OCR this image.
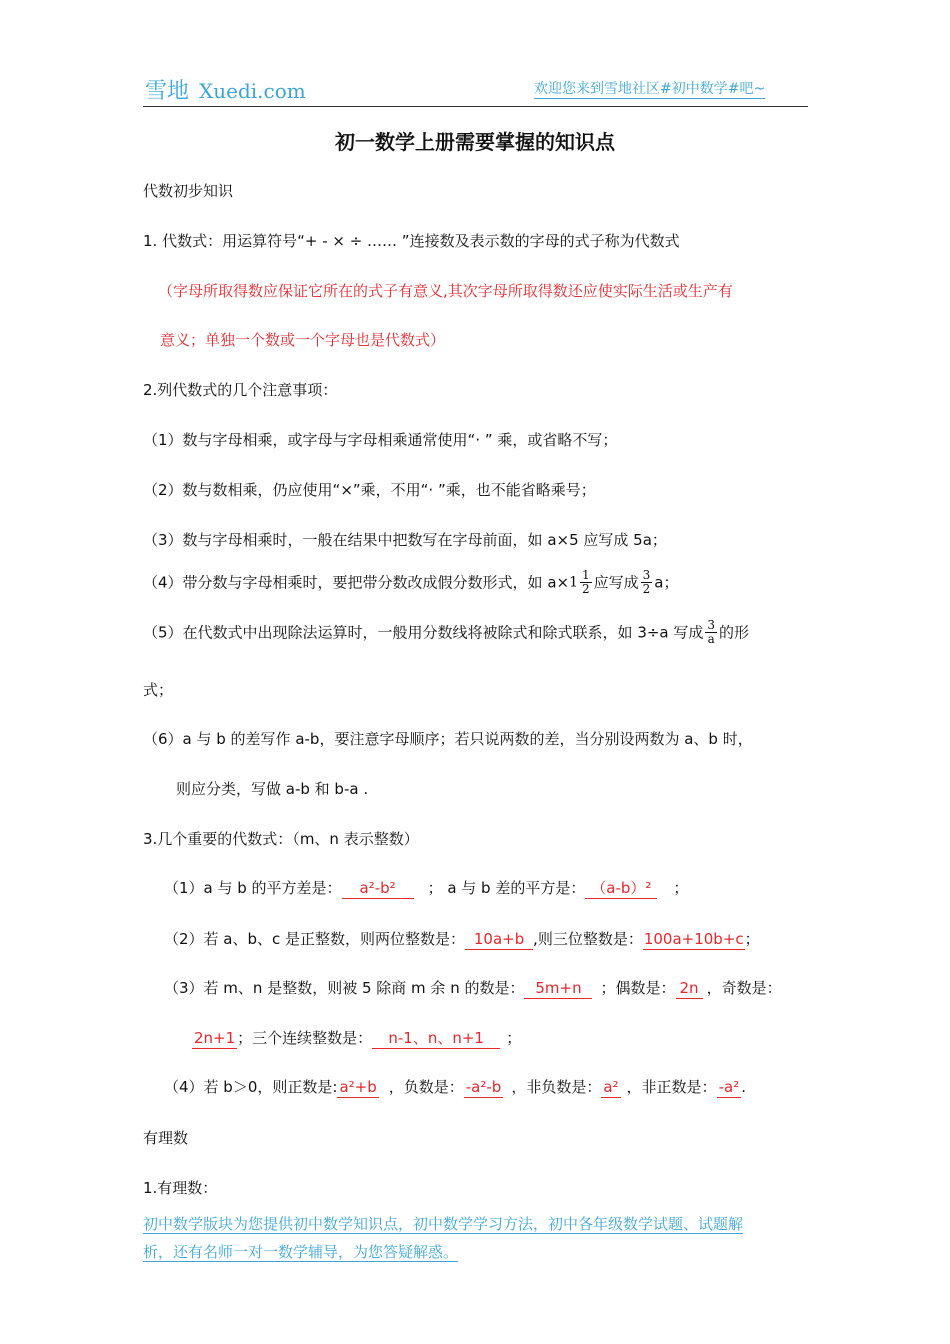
雪地 Xuedi.com	欢迎您来到雪地社区#初中数学#吧~
初一数学上册需要掌握的知识点
代数初步知识
1. 代数式：用运算符号“+ - × ÷ …… ”连接数及表示数的字母的式子称为代数式
（字母所取得数应保证它所在的式子有意义,其次字母所取得数还应使实际生活或生产有
意义；单独一个数或一个字母也是代数式）
2.列代数式的几个注意事项：
（1）数与字母相乘，或字母与字母相乘通常使用“· ” 乘，或省略不写；
（2）数与数相乘，仍应使用“×”乘，不用“· ”乘，也不能省略乘号；
（3）数与字母相乘时，一般在结果中把数写在字母前面，如 a×5 应写成 5a；
（4）带分数与字母相乘时，要把带分数改成假分数形式，如 $a\times 1 \frac{1}{2}$ 应写成 $\frac{3}{2}$ a；
（5）在代数式中出现除法运算时，一般用分数线将被除式和除式联系，如 3÷a 写成 $\frac{3}{a}$ 的形
式；
（6）a 与 b 的差写作 a-b，要注意字母顺序；若只说两数的差，当分别设两数为 a、b 时，
则应分类，写做 a-b 和 b-a .
3.几个重要的代数式：（m、n 表示整数）
（1）a 与 b 的平方差是： a²-b² ； a 与 b 差的平方是： （a-b）² ；
（2）若 a、b、c 是正整数，则两位整数是： 10a+b ,则三位整数是：100a+10b+c；
（3）若 m、n 是整数，则被 5 除商 m 余 n 的数是： 5m+n ；偶数是： 2n ，奇数是：
2n+1 ；三个连续整数是： n-1、n、n+1 ；
（4）若 b＞0，则正数是: a²+b ，负数是： -a²-b ，非负数是： a² ，非正数是： -a² .
有理数
1.有理数：
初中数学版块为您提供初中数学知识点，初中数学学习方法，初中各年级数学试题、试题解
析，还有名师一对一数学辅导，为您答疑解惑。
